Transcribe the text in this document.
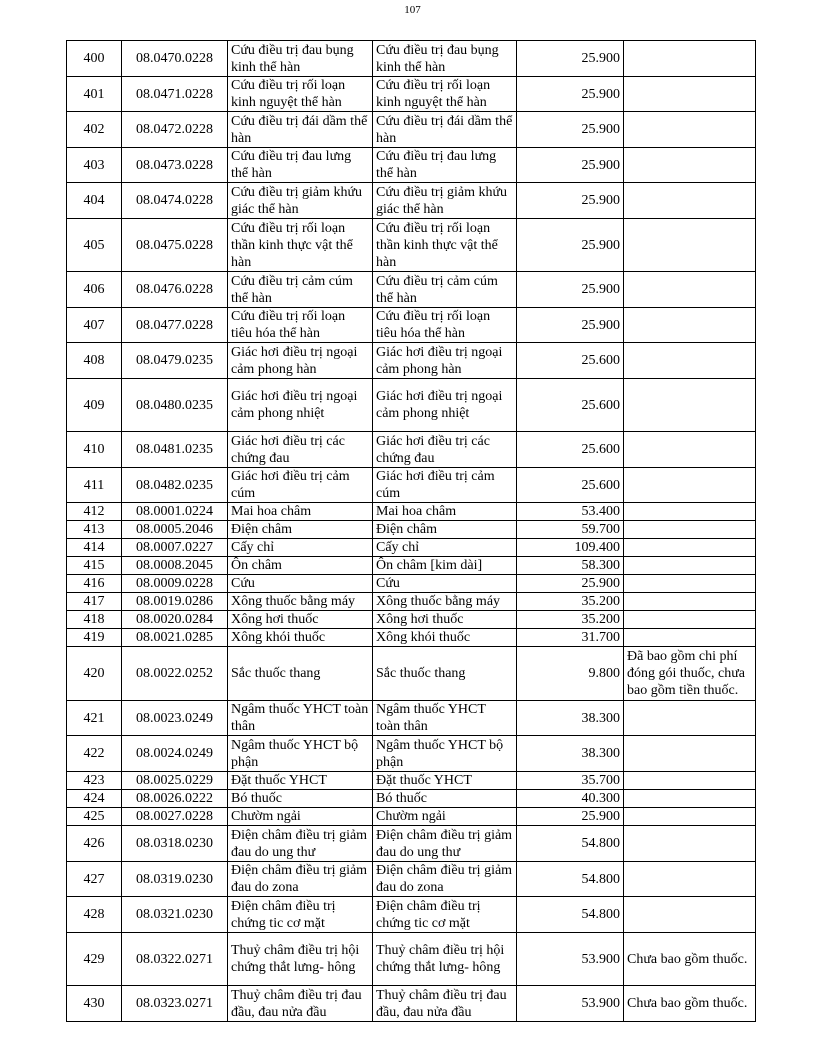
107
400	08.0470.0228	Cứu điều trị đau bụng kinh thể hàn	Cứu điều trị đau bụng kinh thể hàn	25.900	
401	08.0471.0228	Cứu điều trị rối loạn kinh nguyệt thể hàn	Cứu điều trị rối loạn kinh nguyệt thể hàn	25.900	
402	08.0472.0228	Cứu điều trị đái dầm thể hàn	Cứu điều trị đái dầm thể hàn	25.900	
403	08.0473.0228	Cứu điều trị đau lưng thể hàn	Cứu điều trị đau lưng thể hàn	25.900	
404	08.0474.0228	Cứu điều trị giảm khứu giác thể hàn	Cứu điều trị giảm khứu giác thể hàn	25.900	
405	08.0475.0228	Cứu điều trị rối loạn thần kinh thực vật thể hàn	Cứu điều trị rối loạn thần kinh thực vật thể hàn	25.900	
406	08.0476.0228	Cứu điều trị cảm cúm thể hàn	Cứu điều trị cảm cúm thể hàn	25.900	
407	08.0477.0228	Cứu điều trị rối loạn tiêu hóa thể hàn	Cứu điều trị rối loạn tiêu hóa thể hàn	25.900	
408	08.0479.0235	Giác hơi điều trị ngoại cảm phong hàn	Giác hơi điều trị ngoại cảm phong hàn	25.600	
409	08.0480.0235	Giác hơi điều trị ngoại cảm phong nhiệt	Giác hơi điều trị ngoại cảm phong nhiệt	25.600	
410	08.0481.0235	Giác hơi điều trị các chứng đau	Giác hơi điều trị các chứng đau	25.600	
411	08.0482.0235	Giác hơi điều trị cảm cúm	Giác hơi điều trị cảm cúm	25.600	
412	08.0001.0224	Mai hoa châm	Mai hoa châm	53.400	
413	08.0005.2046	Điện châm	Điện châm	59.700	
414	08.0007.0227	Cấy chỉ	Cấy chỉ	109.400	
415	08.0008.2045	Ôn châm	Ôn châm [kim dài]	58.300	
416	08.0009.0228	Cứu	Cứu	25.900	
417	08.0019.0286	Xông thuốc bằng máy	Xông thuốc bằng máy	35.200	
418	08.0020.0284	Xông hơi thuốc	Xông hơi thuốc	35.200	
419	08.0021.0285	Xông khói thuốc	Xông khói thuốc	31.700	
420	08.0022.0252	Sắc thuốc thang	Sắc thuốc thang	9.800	Đã bao gồm chi phí đóng gói thuốc, chưa bao gồm tiền thuốc.
421	08.0023.0249	Ngâm thuốc YHCT toàn thân	Ngâm thuốc YHCT toàn thân	38.300	
422	08.0024.0249	Ngâm thuốc YHCT bộ phận	Ngâm thuốc YHCT bộ phận	38.300	
423	08.0025.0229	Đặt thuốc YHCT	Đặt thuốc YHCT	35.700	
424	08.0026.0222	Bó thuốc	Bó thuốc	40.300	
425	08.0027.0228	Chườm ngải	Chườm ngải	25.900	
426	08.0318.0230	Điện châm điều trị giảm đau do ung thư	Điện châm điều trị giảm đau do ung thư	54.800	
427	08.0319.0230	Điện châm điều trị giảm đau do zona	Điện châm điều trị giảm đau do zona	54.800	
428	08.0321.0230	Điện châm điều trị chứng tic cơ mặt	Điện châm điều trị chứng tic cơ mặt	54.800	
429	08.0322.0271	Thuỷ châm điều trị hội chứng thắt lưng- hông	Thuỷ châm điều trị hội chứng thắt lưng- hông	53.900	Chưa bao gồm thuốc.
430	08.0323.0271	Thuỷ châm điều trị đau đầu, đau nửa đầu	Thuỷ châm điều trị đau đầu, đau nửa đầu	53.900	Chưa bao gồm thuốc.
